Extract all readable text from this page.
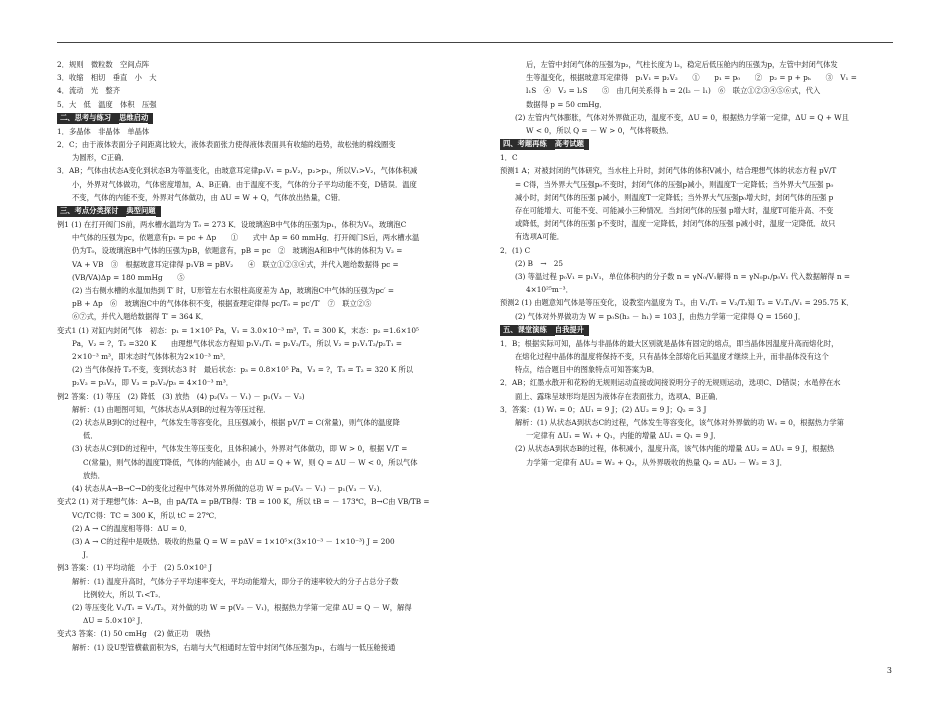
2．规则　微粒数　空间点阵

3．收缩　相切　垂直　小　大

4．流动　光　整齐

5．大　低　温度　体积　压强

二、思考与练习 思维启动

1．多晶体　非晶体　单晶体

2．C；由于液体表面分子间距离比较大，液体表面张力使得液体表面具有收缩的趋势，故松弛的棉线圈变

为圆形，C正确．

3．AB；气体由状态A变化到状态B为等温变化，由玻意耳定律p₁V₁ = p₂V₂，p₂>p₁，所以V₁>V₂，气体体积减

小，外界对气体做功，气体密度增加，A、B正确．由于温度不变，气体的分子平均动能不变，D错误．温度

不变，气体的内能不变，外界对气体做功，由 ΔU = W + Q，气体放出热量，C错．

三、考点分类探讨 典型问题

例1 (1) 在打开阀门S前，两水槽水温均为 T₀ = 273 K．设玻璃泡B中气体的压强为p₁，体积为V₀，玻璃泡C

中气体的压强为pc，依题意有p₁ = pc + Δp　　①　　式中 Δp = 60 mmHg．打开阀门S后，两水槽水温

仍为T₀，设玻璃泡B中气体的压强为pB，依题意有，pB = pc　②　玻璃泡A和B中气体的体积为 V₂ =

VA + VB　③　根据玻意耳定律得 p₁VB = pBV₂　　④　联立①②③④式，并代入题给数据得 pc =

(VB/VA)Δp = 180 mmHg　　⑤

(2) 当右侧水槽的水温加热到 T′ 时，U形管左右水银柱高度差为 Δp，玻璃泡C中气体的压强为pc′ =

pB + Δp　⑥　玻璃泡C中的气体体积不变，根据查理定律得 pc/T₀ = pc′/T′　⑦　联立②⑤

⑥⑦式，并代入题给数据得 T′ = 364 K．

变式1 (1) 对缸内封闭气体　初态：p₁ = 1×10⁵ Pa，V₁ = 3.0×10⁻³ m³，T₁ = 300 K，末态：p₂ =1.6×10⁵

Pa，V₂ = ?，T₂ =320 K　　由理想气体状态方程知 p₁V₁/T₁ = p₂V₂/T₂，所以 V₂ = p₁V₁T₂/p₂T₁ =

2×10⁻³ m³，即末态时气体体积为2×10⁻³ m³．

(2) 当气体保持 T₂不变，变到状态3 时　最后状态：p₃ = 0.8×10⁵ Pa，V₃ = ?，T₃ = T₂ = 320 K 所以

p₂V₂ = p₃V₃，即 V₃ = p₂V₂/p₃ = 4×10⁻³ m³．

例2 答案：(1) 等压　(2) 降低　(3) 放热　(4) p₂(V₃ － V₁) － p₁(V₃ － V₂)

解析：(1) 由题图可知，气体状态从A到B的过程为等压过程．

(2) 状态从B到C的过程中，气体发生等容变化，且压强减小，根据 pV/T = C(常量)，则气体的温度降

低．

(3) 状态从C到D的过程中，气体发生等压变化，且体积减小，外界对气体做功，即 W > 0，根据 V/T =

C(常量)，则气体的温度T降低，气体的内能减小，由 ΔU = Q + W，则 Q = ΔU － W < 0，所以气体

放热．

(4) 状态从A→B→C→D的变化过程中气体对外界所做的总功 W = p₂(V₃ － V₁) － p₁(V₃ － V₂)．

变式2 (1) 对于理想气体：A→B，由 pA/TA = pB/TB得：TB = 100 K，所以 tB = － 173℃，B→C由 VB/TB =

VC/TC得：TC = 300 K，所以 tC = 27℃．

(2) A → C的温度相等得：ΔU = 0．

(3) A → C的过程中是吸热．吸收的热量 Q = W = pΔV = 1×10⁵×(3×10⁻³ － 1×10⁻³) J = 200

J．

例3 答案：(1) 平均动能　小于　(2) 5.0×10² J

解析：(1) 温度升高时，气体分子平均速率变大，平均动能增大，即分子的速率较大的分子占总分子数

比例较大，所以 T₁<T₂．

(2) 等压变化 V₁/T₁ = V₂/T₂，对外做的功 W = p(V₂ － V₁)，根据热力学第一定律 ΔU = Q － W，解得

ΔU = 5.0×10² J．

变式3 答案：(1) 50 cmHg　(2) 做正功　吸热

解析：(1) 设U型管横截面积为S，右端与大气相通时左管中封闭气体压强为p₁，右端与一低压舱接通

后，左管中封闭气体的压强为p₂，气柱长度为 l₂，稳定后低压舱内的压强为p，左管中封闭气体发

生等温变化，根据玻意耳定律得　p₁V₁ = p₂V₂　　①　　p₁ = p₀　　②　p₂ = p + pₕ　　③　V₁ =

l₁S　④　V₂ = l₂S　　⑤　由几何关系得 h = 2(l₂ － l₁)　⑥　联立①②③④⑤⑥式，代入

数据得 p = 50 cmHg．

(2) 左管内气体膨胀，气体对外界做正功，温度不变，ΔU = 0，根据热力学第一定律，ΔU = Q + W且

W < 0，所以 Q = － W > 0，气体将吸热．

四、考题再练 高考试题

1．C

预测1 A；对被封闭的气体研究，当水柱上升时，封闭气体的体积V减小，结合理想气体的状态方程 pV/T

= C得，当外界大气压强p₀不变时，封闭气体的压强p减小，则温度T一定降低；当外界大气压强 p₀

减小时，封闭气体的压强 p减小，则温度T一定降低；当外界大气压强p₀增大时，封闭气体的压强 p

存在可能增大、可能不变、可能减小三种情况．当封闭气体的压强 p增大时，温度T可能升高、不变

或降低，封闭气体的压强 p不变时，温度一定降低，封闭气体的压强 p减小时，温度一定降低．故只

有选项A可能．

2．(1) C

(2) B　→　25

(3) 等温过程 p₀V₁ = p₁V₁，单位体积内的分子数 n = γN₀/V₁解得 n = γN₀p₁/p₀V₁ 代入数据解得 n =

4×10²⁵m⁻³．

预测2 (1) 由题意知气体是等压变化，设教室内温度为 T₂，由 V₁/T₁ = V₂/T₂知 T₂ = V₂T₁/V₁ = 295.75 K．

(2) 气体对外界做功为 W = p₀S(h₂ － h₁) = 103 J，由热力学第一定律得 Q = 1560 J．

五、课堂演练 自我提升

1．B；根据实际可知，晶体与非晶体的最大区别就是晶体有固定的熔点，即当晶体因温度升高而熔化时，

在熔化过程中晶体的温度将保持不变，只有晶体全部熔化后其温度才继续上升，而非晶体没有这个

特点，结合题目中的图象特点可知答案为B．

2．AB；红墨水散开和花粉的无规则运动直接或间接说明分子的无规则运动，选项C、D错误；水黾停在水

面上、露珠呈球形均是因为液体存在表面张力，选项A、B正确．

3．答案：(1) W₁ = 0；ΔU₁ = 9 J；(2) ΔU₂ = 9 J；Q₂ = 3 J

解析：(1) 从状态A到状态C的过程，气体发生等容变化，该气体对外界做的功 W₁ = 0，根据热力学第

一定律有 ΔU₁ = W₁ + Q₁，内能的增量 ΔU₁ = Q₁ = 9 J．

(2) 从状态A到状态B的过程，体积减小，温度升高，该气体内能的增量 ΔU₂ = ΔU₁ = 9 J，根据热

力学第一定律有 ΔU₂ = W₂ + Q₂，从外界吸收的热量 Q₂ = ΔU₂ － W₂ = 3 J．

3
